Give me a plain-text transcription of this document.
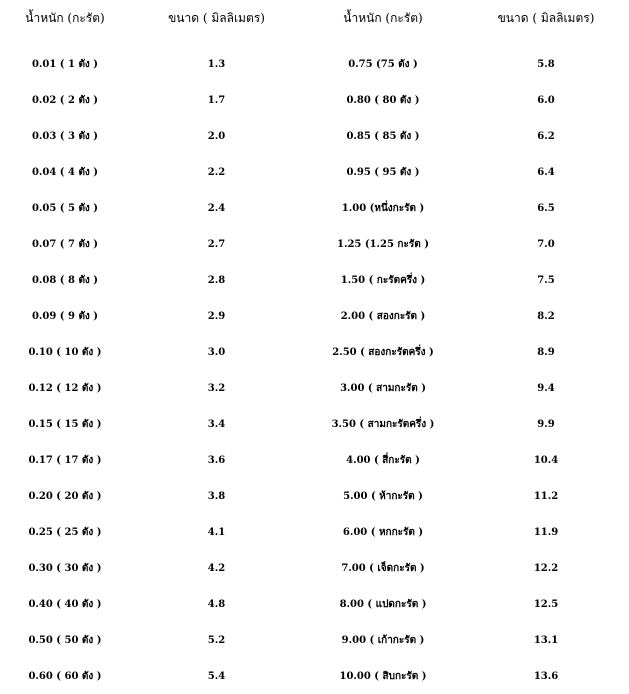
น้ำหนัก (กะรัต)	ขนาด ( มิลลิเมตร)	น้ำหนัก (กะรัต)	ขนาด ( มิลลิเมตร)

0.01 ( 1 ตัง )	1.3	0.75 (75 ตัง )	5.8
0.02 ( 2 ตัง )	1.7	0.80 ( 80 ตัง )	6.0
0.03 ( 3 ตัง )	2.0	0.85 ( 85 ตัง )	6.2
0.04 ( 4 ตัง )	2.2	0.95 ( 95 ตัง )	6.4
0.05 ( 5 ตัง )	2.4	1.00 (หนึ่งกะรัต )	6.5
0.07 ( 7 ตัง )	2.7	1.25 (1.25 กะรัต )	7.0
0.08 ( 8 ตัง )	2.8	1.50 ( กะรัตครึ่ง )	7.5
0.09 ( 9 ตัง )	2.9	2.00 ( สองกะรัต )	8.2
0.10 ( 10 ตัง )	3.0	2.50 ( สองกะรัตครึ่ง )	8.9
0.12 ( 12 ตัง )	3.2	3.00 ( สามกะรัต )	9.4
0.15 ( 15 ตัง )	3.4	3.50 ( สามกะรัตครึ่ง )	9.9
0.17 ( 17 ตัง )	3.6	4.00 ( สี่กะรัต )	10.4
0.20 ( 20 ตัง )	3.8	5.00 ( ห้ากะรัต )	11.2
0.25 ( 25 ตัง )	4.1	6.00 ( หกกะรัต )	11.9
0.30 ( 30 ตัง )	4.2	7.00 ( เจ็ดกะรัต )	12.2
0.40 ( 40 ตัง )	4.8	8.00 ( แปดกะรัต )	12.5
0.50 ( 50 ตัง )	5.2	9.00 ( เก้ากะรัต )	13.1
0.60 ( 60 ตัง )	5.4	10.00 ( สิบกะรัต )	13.6
